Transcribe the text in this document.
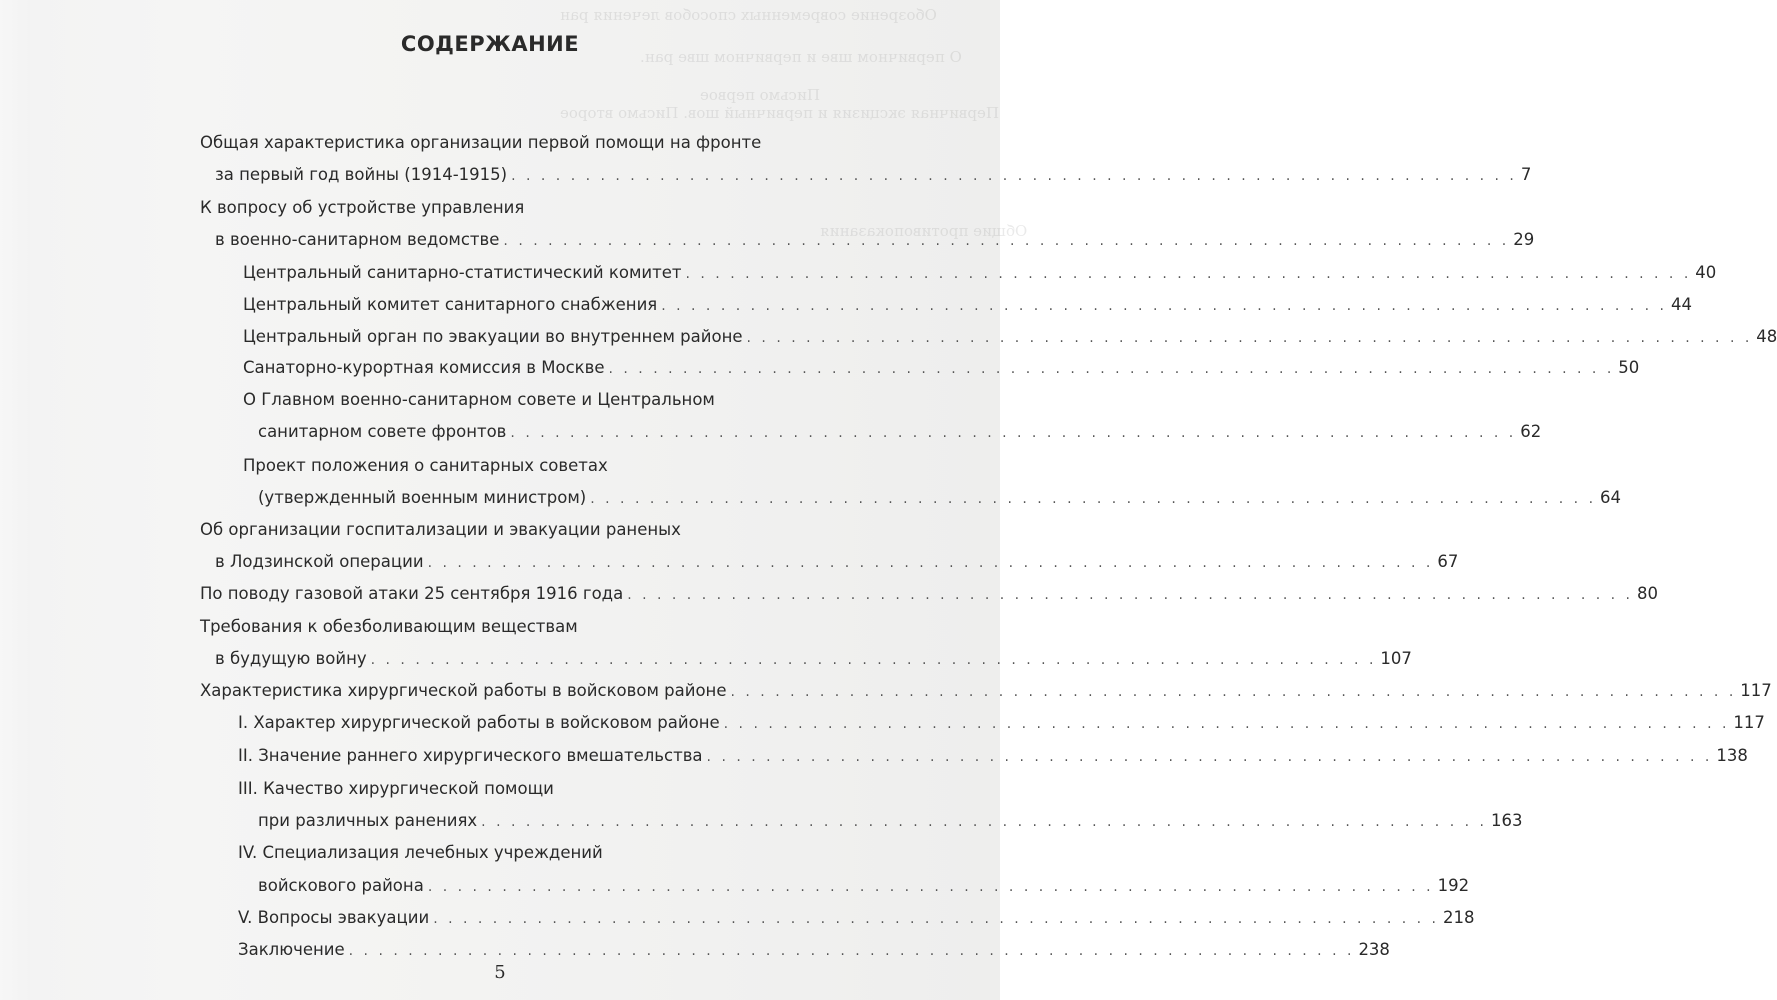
Обозрение современных способов лечения ран
О первичном шве и первичном шве ран.
Письмо первое
Первичная эксцизия и первичный шов. Письмо второе
Общие противопоказания
СОДЕРЖАНИЕ
Общая характеристика организации первой помощи на фронте
за первый год войны (1914-1915) . . .	7
К вопросу об устройстве управления
в военно-санитарном ведомстве . . .	29
Центральный санитарно-статистический комитет . . .	40
Центральный комитет санитарного снабжения . . .	44
Центральный орган по эвакуации во внутреннем районе . . .	48
Санаторно-курортная комиссия в Москве . . .	50
О Главном военно-санитарном совете и Центральном
санитарном совете фронтов . . .	62
Проект положения о санитарных советах
(утвержденный военным министром) . . .	64
Об организации госпитализации и эвакуации раненых
в Лодзинской операции . . .	67
По поводу газовой атаки 25 сентября 1916 года . . .	80
Требования к обезболивающим веществам
в будущую войну . . .	107
Характеристика хирургической работы в войсковом районе . . .	117
I. Характер хирургической работы в войсковом районе . . .	117
II. Значение раннего хирургического вмешательства . . .	138
III. Качество хирургической помощи
при различных ранениях . . .	163
IV. Специализация лечебных учреждений
войскового района . . .	192
V. Вопросы эвакуации . . .	218
Заключение . . .	238
5
